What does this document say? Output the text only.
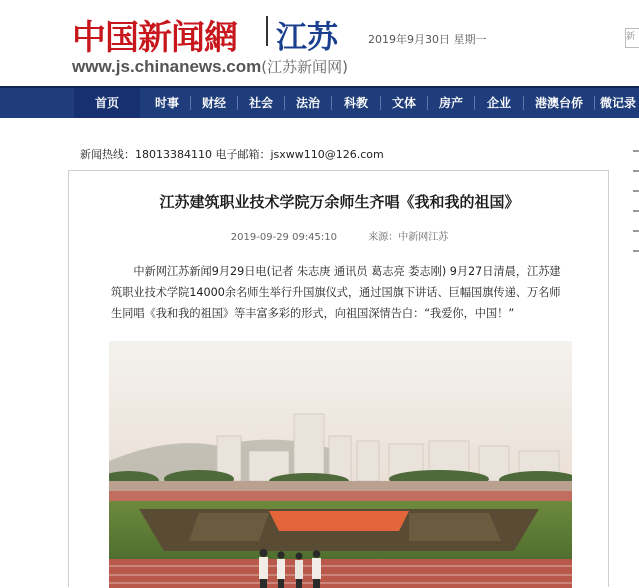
中国新闻網 江苏	2019年9月30日 星期一	新
www.js.chinanews.com(江苏新闻网)
首页	时事	财经	社会	法治	科教	文体	房产	企业	港澳台侨	微记录
新闻热线：18013384110 电子邮箱：jsxww110@126.com
江苏建筑职业技术学院万余师生齐唱《我和我的祖国》
2019-09-29 09:45:10	来源：中新网江苏

中新网江苏新闻9月29日电(记者 朱志庚 通讯员 葛志亮 娄志刚) 9月27日清晨，江苏建筑职业技术学院14000余名师生举行升国旗仪式，通过国旗下讲话、巨幅国旗传递、万名师生同唱《我和我的祖国》等丰富多彩的形式，向祖国深情告白：“我爱你，中国！”
